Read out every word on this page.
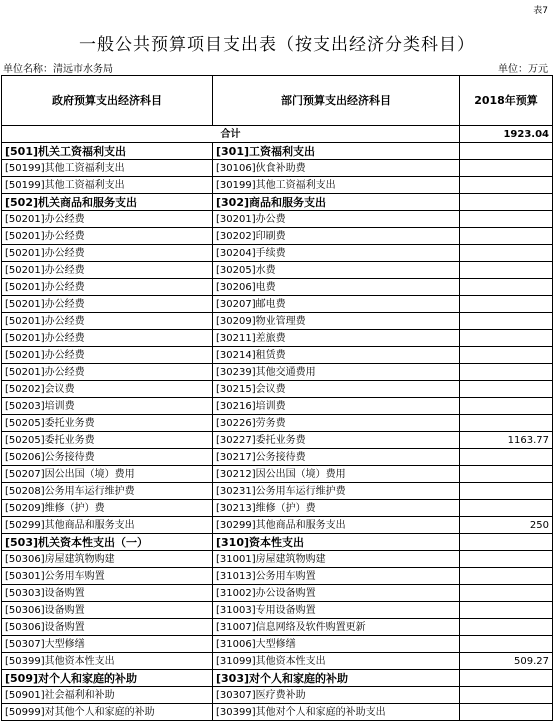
表7
一般公共预算项目支出表（按支出经济分类科目）
单位名称：清远市水务局	单位：万元
政府预算支出经济科目	部门预算支出经济科目	2018年预算
合计		1923.04
[501]机关工资福利支出	[301]工资福利支出	
[50199]其他工资福利支出	[30106]伙食补助费	
[50199]其他工资福利支出	[30199]其他工资福利支出	
[502]机关商品和服务支出	[302]商品和服务支出	
[50201]办公经费	[30201]办公费	
[50201]办公经费	[30202]印刷费	
[50201]办公经费	[30204]手续费	
[50201]办公经费	[30205]水费	
[50201]办公经费	[30206]电费	
[50201]办公经费	[30207]邮电费	
[50201]办公经费	[30209]物业管理费	
[50201]办公经费	[30211]差旅费	
[50201]办公经费	[30214]租赁费	
[50201]办公经费	[30239]其他交通费用	
[50202]会议费	[30215]会议费	
[50203]培训费	[30216]培训费	
[50205]委托业务费	[30226]劳务费	
[50205]委托业务费	[30227]委托业务费	1163.77
[50206]公务接待费	[30217]公务接待费	
[50207]因公出国（境）费用	[30212]因公出国（境）费用	
[50208]公务用车运行维护费	[30231]公务用车运行维护费	
[50209]维修（护）费	[30213]维修（护）费	
[50299]其他商品和服务支出	[30299]其他商品和服务支出	250
[503]机关资本性支出（一）	[310]资本性支出	
[50306]房屋建筑物购建	[31001]房屋建筑物购建	
[50301]公务用车购置	[31013]公务用车购置	
[50303]设备购置	[31002]办公设备购置	
[50306]设备购置	[31003]专用设备购置	
[50306]设备购置	[31007]信息网络及软件购置更新	
[50307]大型修缮	[31006]大型修缮	
[50399]其他资本性支出	[31099]其他资本性支出	509.27
[509]对个人和家庭的补助	[303]对个人和家庭的补助	
[50901]社会福利和补助	[30307]医疗费补助	
[50999]对其他个人和家庭的补助	[30399]其他对个人和家庭的补助支出	
